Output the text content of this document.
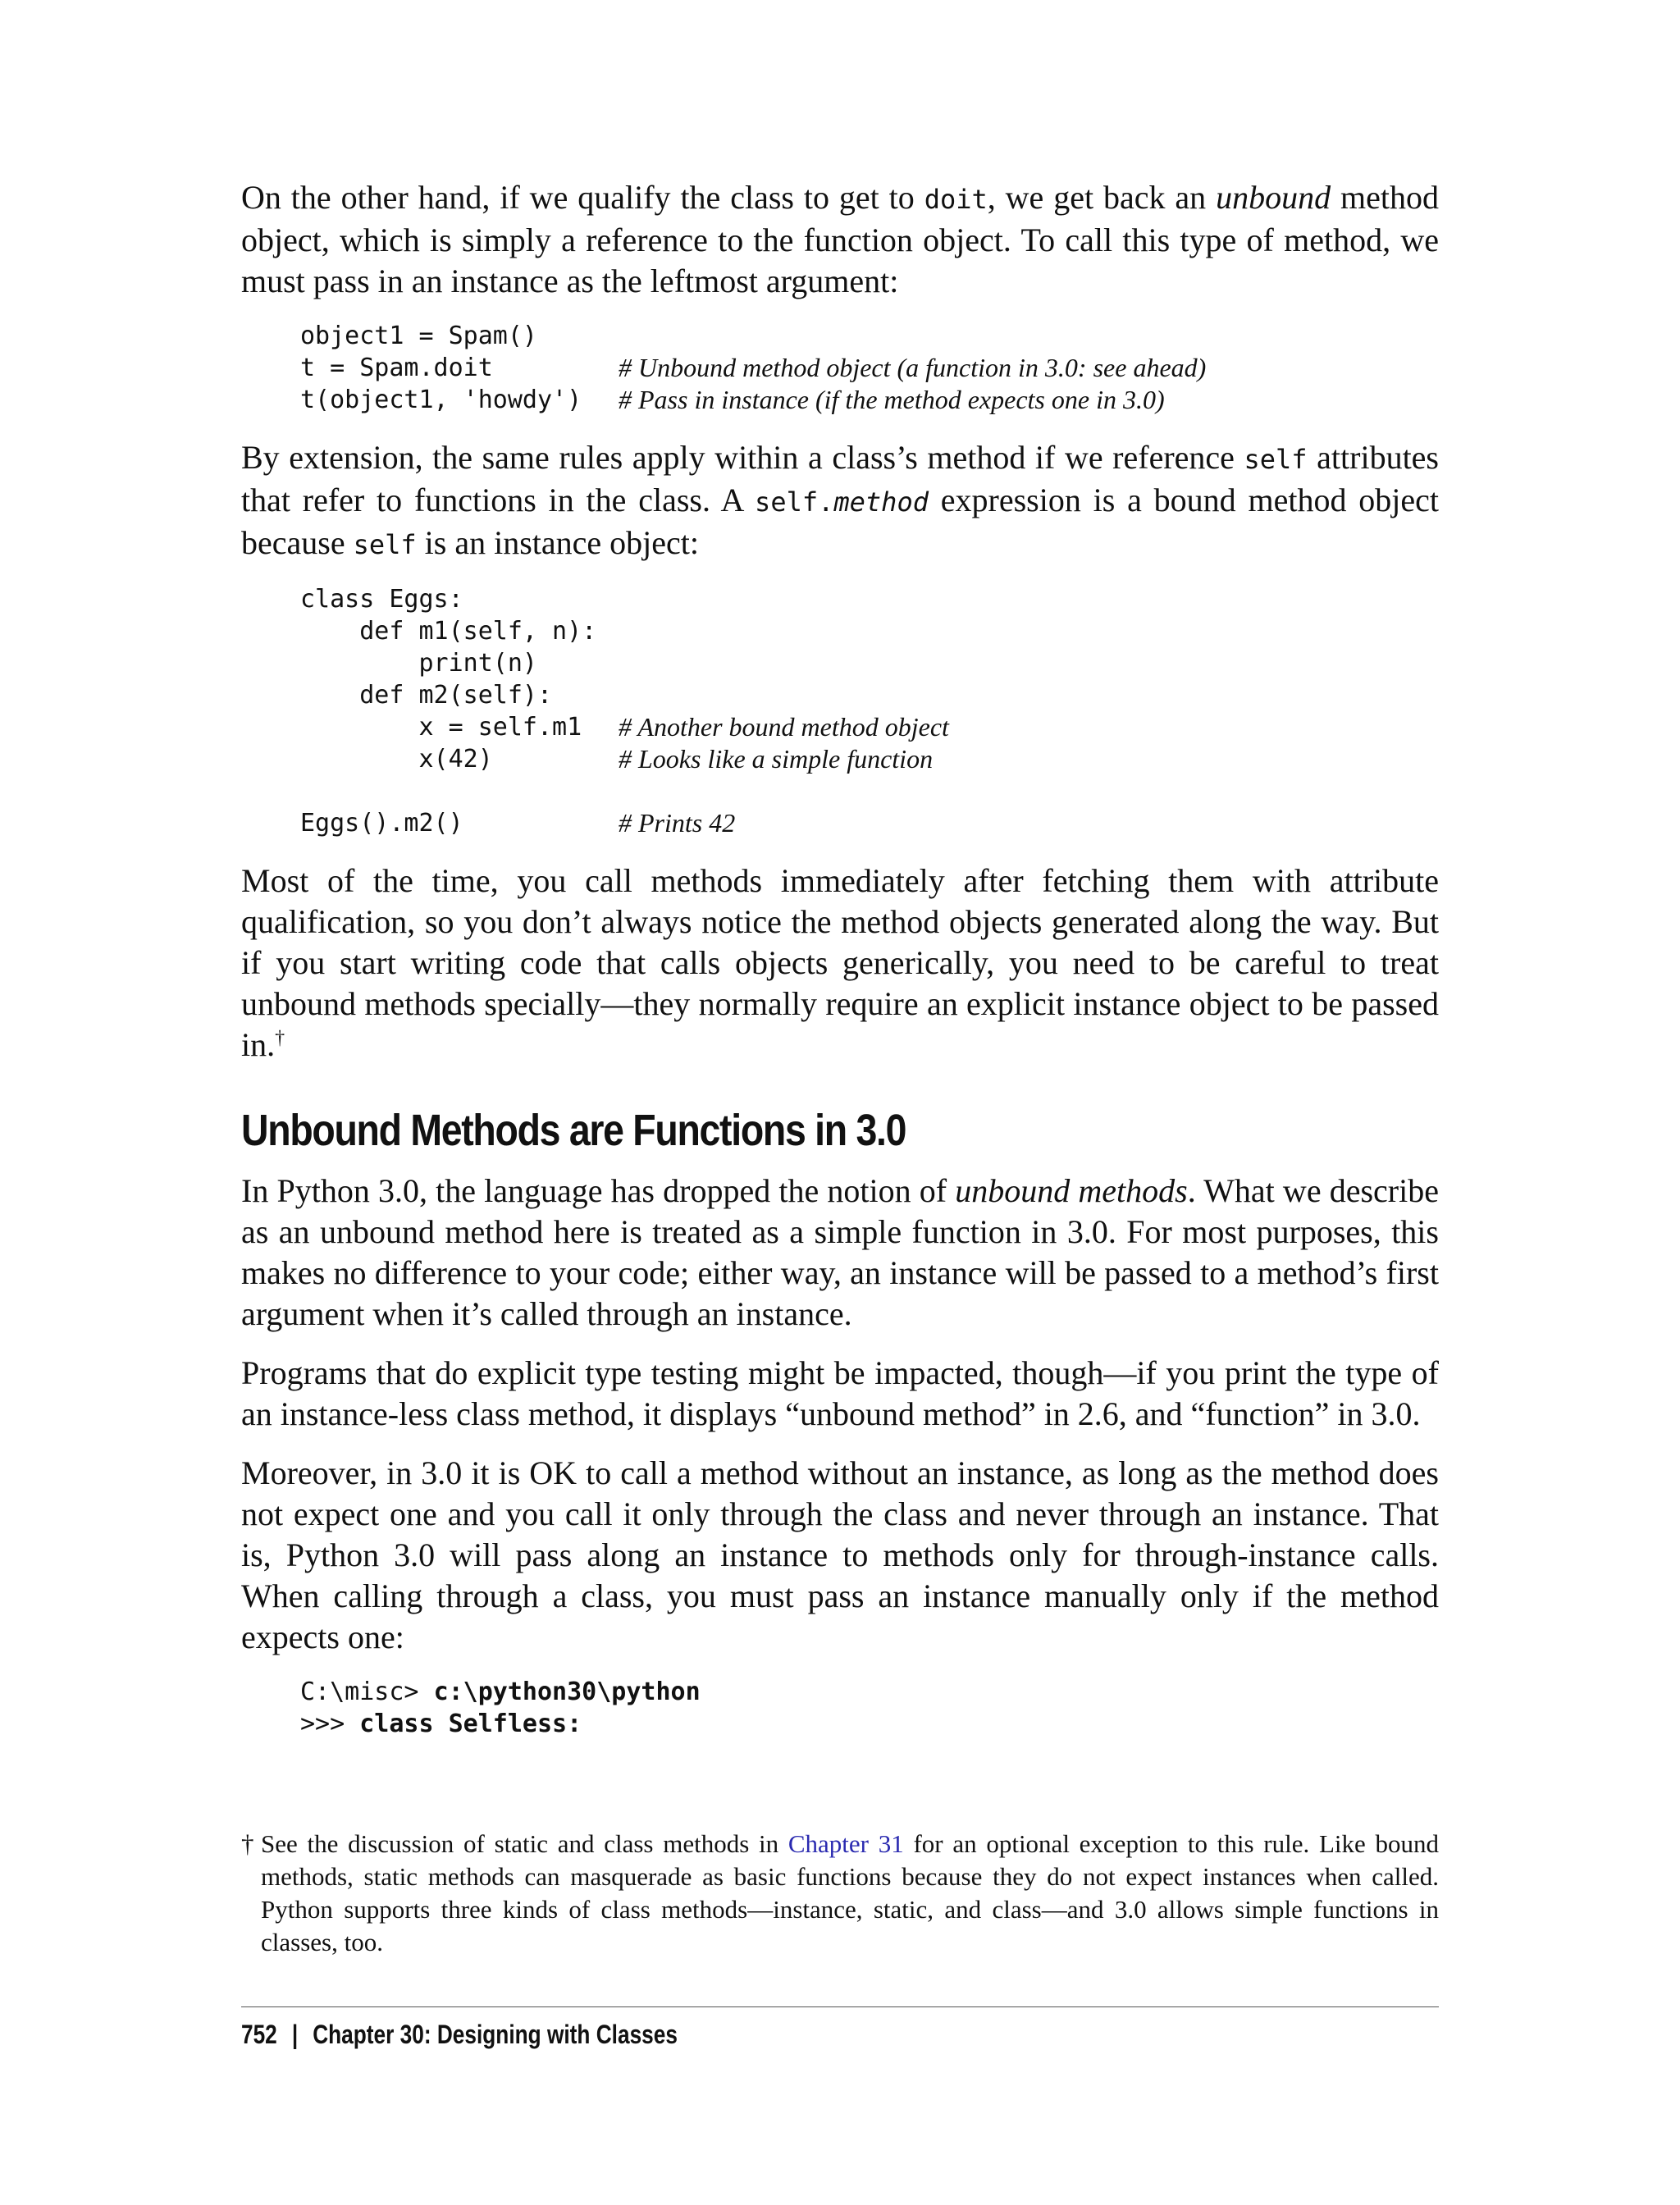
On the other hand, if we qualify the class to get to doit, we get back an unbound method object, which is simply a reference to the function object. To call this type of method, we must pass in an instance as the leftmost argument:

object1 = Spam()
t = Spam.doit	# Unbound method object (a function in 3.0: see ahead)
t(object1, 'howdy') # Pass in instance (if the method expects one in 3.0)

By extension, the same rules apply within a class’s method if we reference self attributes that refer to functions in the class. A self.method expression is a bound method object because self is an instance object:

class Eggs:
def m1(self, n):
print(n)
def m2(self):
x = self.m1 # Another bound method object
x(42)	# Looks like a simple function
Eggs().m2()	# Prints 42

Most of the time, you call methods immediately after fetching them with attribute qualification, so you don’t always notice the method objects generated along the way. But if you start writing code that calls objects generically, you need to be careful to treat unbound methods specially—they normally require an explicit instance object to be passed in.†

Unbound Methods are Functions in 3.0

In Python 3.0, the language has dropped the notion of unbound methods. What we describe as an unbound method here is treated as a simple function in 3.0. For most purposes, this makes no difference to your code; either way, an instance will be passed to a method’s first argument when it’s called through an instance.

Programs that do explicit type testing might be impacted, though—if you print the type of an instance-less class method, it displays “unbound method” in 2.6, and “function” in 3.0.

Moreover, in 3.0 it is OK to call a method without an instance, as long as the method does not expect one and you call it only through the class and never through an instance. That is, Python 3.0 will pass along an instance to methods only for through-instance calls. When calling through a class, you must pass an instance manually only if the method expects one:

C:\misc> c:\python30\python
>>> class Selfless:
† See the discussion of static and class methods in Chapter 31 for an optional exception to this rule. Like bound methods, static methods can masquerade as basic functions because they do not expect instances when called. Python supports three kinds of class methods—instance, static, and class—and 3.0 allows simple functions in classes, too.
752 | Chapter 30: Designing with Classes
